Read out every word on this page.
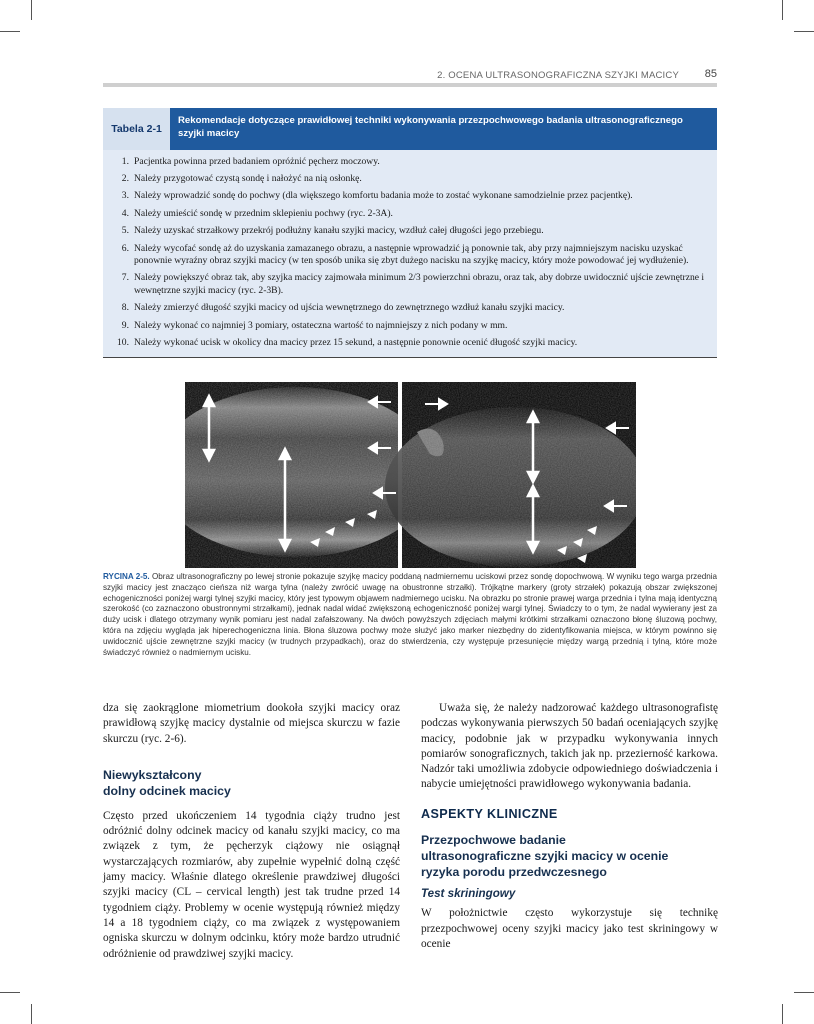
2. OCENA ULTRASONOGRAFICZNA SZYJKI MACICY 85
Tabela 2-1
Rekomendacje dotyczące prawidłowej techniki wykonywania przezpochwowego badania ultrasonograficznego szyjki macicy
1. Pacjentka powinna przed badaniem opróżnić pęcherz moczowy.
2. Należy przygotować czystą sondę i nałożyć na nią osłonkę.
3. Należy wprowadzić sondę do pochwy (dla większego komfortu badania może to zostać wykonane samodzielnie przez pacjentkę).
4. Należy umieścić sondę w przednim sklepieniu pochwy (ryc. 2-3A).
5. Należy uzyskać strzałkowy przekrój podłużny kanału szyjki macicy, wzdłuż całej długości jego przebiegu.
6. Należy wycofać sondę aż do uzyskania zamazanego obrazu, a następnie wprowadzić ją ponownie tak, aby przy najmniejszym nacisku uzyskać ponownie wyraźny obraz szyjki macicy (w ten sposób unika się zbyt dużego nacisku na szyjkę macicy, który może powodować jej wydłużenie).
7. Należy powiększyć obraz tak, aby szyjka macicy zajmowała minimum 2/3 powierzchni obrazu, oraz tak, aby dobrze uwidocznić ujście zewnętrzne i wewnętrzne szyjki macicy (ryc. 2-3B).
8. Należy zmierzyć długość szyjki macicy od ujścia wewnętrznego do zewnętrznego wzdłuż kanału szyjki macicy.
9. Należy wykonać co najmniej 3 pomiary, ostateczna wartość to najmniejszy z nich podany w mm.
10. Należy wykonać ucisk w okolicy dna macicy przez 15 sekund, a następnie ponownie ocenić długość szyjki macicy.
RYCINA 2-5. Obraz ultrasonograficzny po lewej stronie pokazuje szyjkę macicy poddaną nadmiernemu uciskowi przez sondę dopochwową. W wyniku tego warga przednia szyjki macicy jest znacząco cieńsza niż warga tylna (należy zwrócić uwagę na obustronne strzałki). Trójkątne markery (groty strzałek) pokazują obszar zwiększonej echogeniczności poniżej wargi tylnej szyjki macicy, który jest typowym objawem nadmiernego ucisku. Na obrazku po stronie prawej warga przednia i tylna mają identyczną szerokość (co zaznaczono obustronnymi strzałkami), jednak nadal widać zwiększoną echogeniczność poniżej wargi tylnej. Świadczy to o tym, że nadal wywierany jest za duży ucisk i dlatego otrzymany wynik pomiaru jest nadal zafałszowany. Na dwóch powyższych zdjęciach małymi krótkimi strzałkami oznaczono błonę śluzową pochwy, która na zdjęciu wygląda jak hiperechogeniczna linia. Błona śluzowa pochwy może służyć jako marker niezbędny do zidentyfikowania miejsca, w którym powinno się uwidocznić ujście zewnętrzne szyjki macicy (w trudnych przypadkach), oraz do stwierdzenia, czy występuje przesunięcie między wargą przednią i tylną, które może świadczyć również o nadmiernym ucisku.

dza się zaokrąglone miometrium dookoła szyjki macicy oraz prawidłową szyjkę macicy dystalnie od miejsca skurczu w fazie skurczu (ryc. 2-6).

Niewykształcony
dolny odcinek macicy

Często przed ukończeniem 14 tygodnia ciąży trudno jest odróżnić dolny odcinek macicy od kanału szyjki macicy, co ma związek z tym, że pęcherzyk ciążowy nie osiągnął wystarczających rozmiarów, aby zupełnie wypełnić dolną część jamy macicy. Właśnie dlatego określenie prawdziwej długości szyjki macicy (CL – cervical length) jest tak trudne przed 14 tygodniem ciąży. Problemy w ocenie występują również między 14 a 18 tygodniem ciąży, co ma związek z występowaniem ogniska skurczu w dolnym odcinku, który może bardzo utrudnić odróżnienie od prawdziwej szyjki macicy.

Uważa się, że należy nadzorować każdego ultrasonografistę podczas wykonywania pierwszych 50 badań oceniających szyjkę macicy, podobnie jak w przypadku wykonywania innych pomiarów sonograficznych, takich jak np. przezierność karkowa. Nadzór taki umożliwia zdobycie odpowiedniego doświadczenia i nabycie umiejętności prawidłowego wykonywania badania.

ASPEKTY KLINICZNE
Przezpochwowe badanie
ultrasonograficzne szyjki macicy w ocenie
ryzyka porodu przedwczesnego
Test skriningowy

W położnictwie często wykorzystuje się technikę przezpochwowej oceny szyjki macicy jako test skriningowy w ocenie
